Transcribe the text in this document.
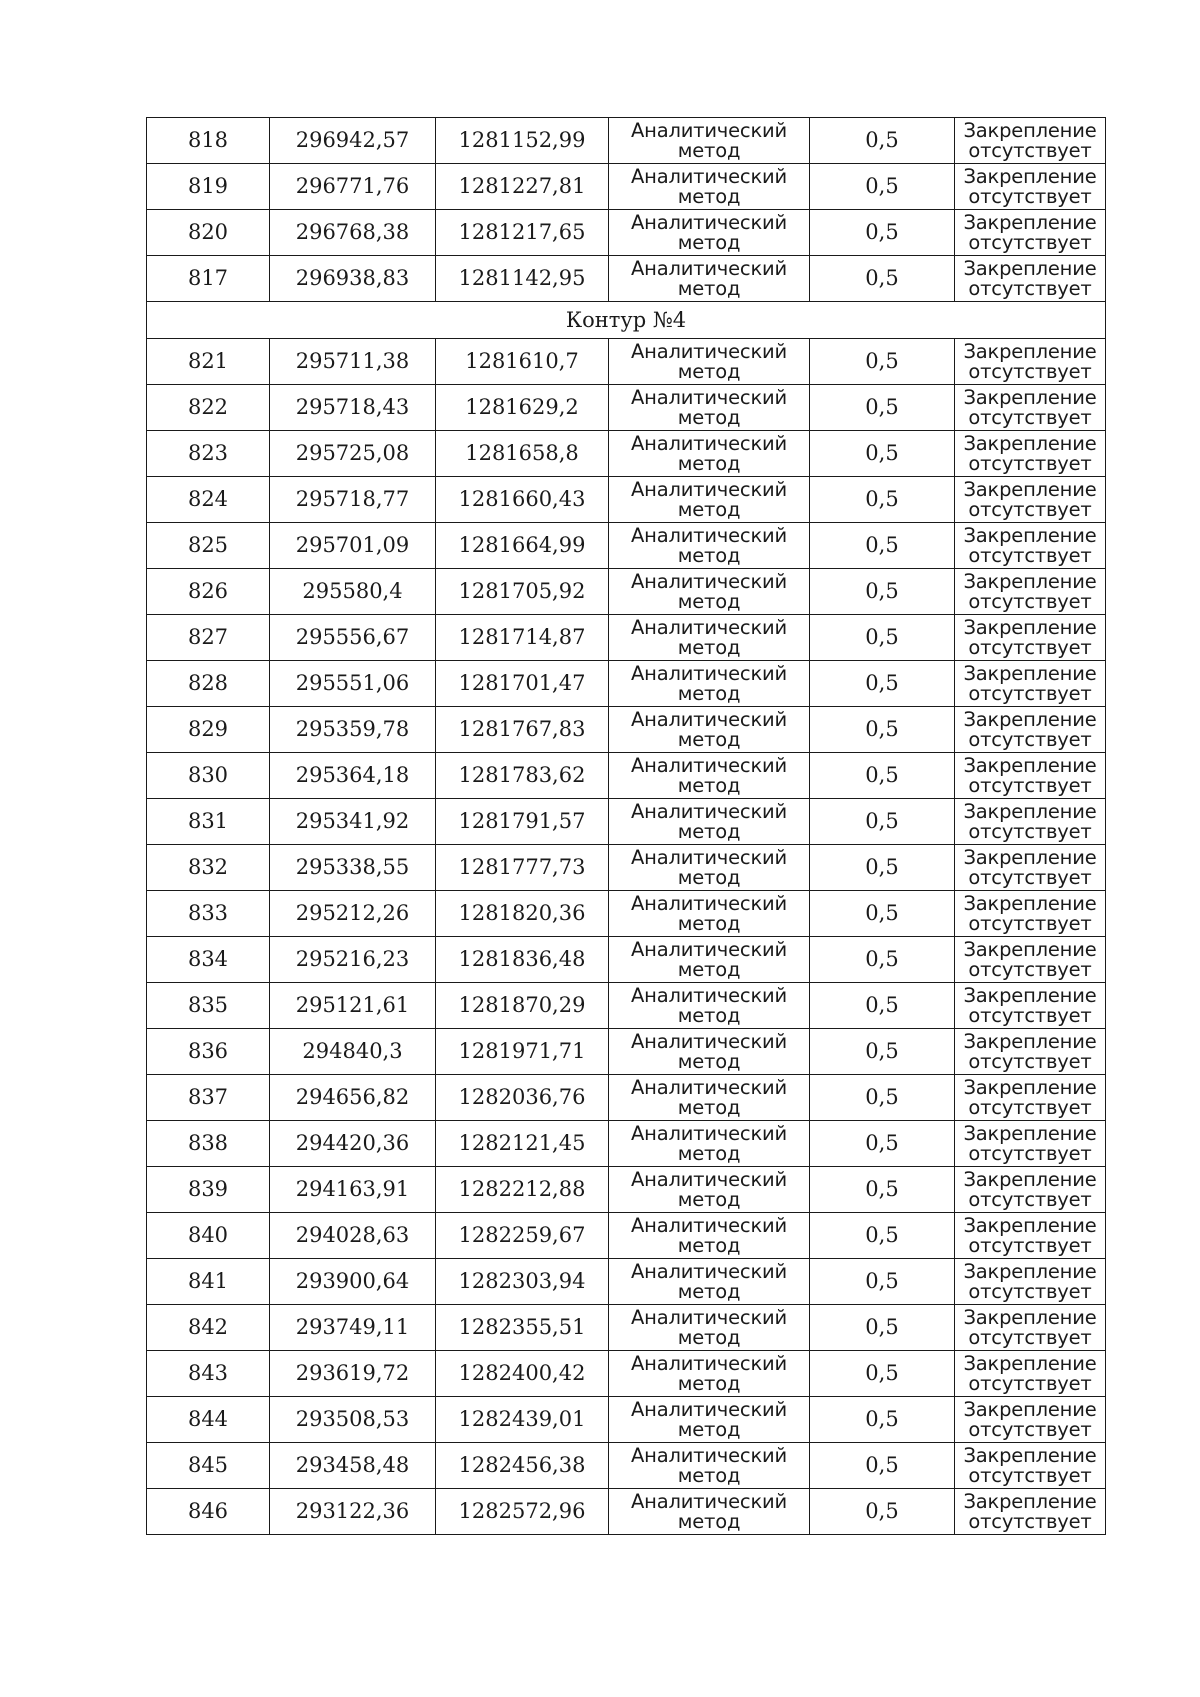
818	296942,57	1281152,99	Аналитический
метод	0,5	Закрепление
отсутствует

819	296771,76	1281227,81	Аналитический
метод	0,5	Закрепление
отсутствует

820	296768,38	1281217,65	Аналитический
метод	0,5	Закрепление
отсутствует

817	296938,83	1281142,95	Аналитический
метод	0,5	Закрепление
отсутствует

Контур №4					
821	295711,38	1281610,7	Аналитический
метод	0,5	Закрепление
отсутствует

822	295718,43	1281629,2	Аналитический
метод	0,5	Закрепление
отсутствует

823	295725,08	1281658,8	Аналитический
метод	0,5	Закрепление
отсутствует

824	295718,77	1281660,43	Аналитический
метод	0,5	Закрепление
отсутствует

825	295701,09	1281664,99	Аналитический
метод	0,5	Закрепление
отсутствует

826	295580,4	1281705,92	Аналитический
метод	0,5	Закрепление
отсутствует

827	295556,67	1281714,87	Аналитический
метод	0,5	Закрепление
отсутствует

828	295551,06	1281701,47	Аналитический
метод	0,5	Закрепление
отсутствует

829	295359,78	1281767,83	Аналитический
метод	0,5	Закрепление
отсутствует

830	295364,18	1281783,62	Аналитический
метод	0,5	Закрепление
отсутствует

831	295341,92	1281791,57	Аналитический
метод	0,5	Закрепление
отсутствует

832	295338,55	1281777,73	Аналитический
метод	0,5	Закрепление
отсутствует

833	295212,26	1281820,36	Аналитический
метод	0,5	Закрепление
отсутствует

834	295216,23	1281836,48	Аналитический
метод	0,5	Закрепление
отсутствует

835	295121,61	1281870,29	Аналитический
метод	0,5	Закрепление
отсутствует

836	294840,3	1281971,71	Аналитический
метод	0,5	Закрепление
отсутствует

837	294656,82	1282036,76	Аналитический
метод	0,5	Закрепление
отсутствует

838	294420,36	1282121,45	Аналитический
метод	0,5	Закрепление
отсутствует

839	294163,91	1282212,88	Аналитический
метод	0,5	Закрепление
отсутствует

840	294028,63	1282259,67	Аналитический
метод	0,5	Закрепление
отсутствует

841	293900,64	1282303,94	Аналитический
метод	0,5	Закрепление
отсутствует

842	293749,11	1282355,51	Аналитический
метод	0,5	Закрепление
отсутствует

843	293619,72	1282400,42	Аналитический
метод	0,5	Закрепление
отсутствует

844	293508,53	1282439,01	Аналитический
метод	0,5	Закрепление
отсутствует

845	293458,48	1282456,38	Аналитический
метод	0,5	Закрепление
отсутствует

846	293122,36	1282572,96	Аналитический
метод	0,5	Закрепление
отсутствует
